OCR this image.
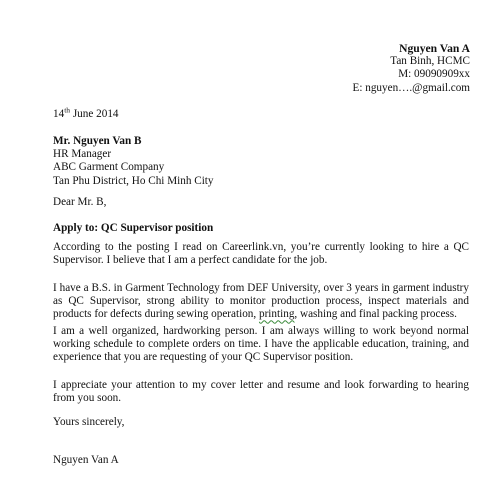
Nguyen Van A
Tan Binh, HCMC
M: 09090909xx
E: nguyen….@gmail.com
14th June 2014
Mr. Nguyen Van B
HR Manager
ABC Garment Company
Tan Phu District, Ho Chi Minh City
Dear Mr. B,
Apply to: QC Supervisor position
According to the posting I read on Careerlink.vn, you’re currently looking to hire a QC Supervisor. I believe that I am a perfect candidate for the job.
I have a B.S. in Garment Technology from DEF University, over 3 years in garment industry as QC Supervisor, strong ability to monitor production process, inspect materials and products for defects during sewing operation, printing, washing and final packing process.
I am a well organized, hardworking person. I am always willing to work beyond normal working schedule to complete orders on time. I have the applicable education, training, and experience that you are requesting of your QC Supervisor position.
I appreciate your attention to my cover letter and resume and look forwarding to hearing from you soon.
Yours sincerely,
Nguyen Van A
